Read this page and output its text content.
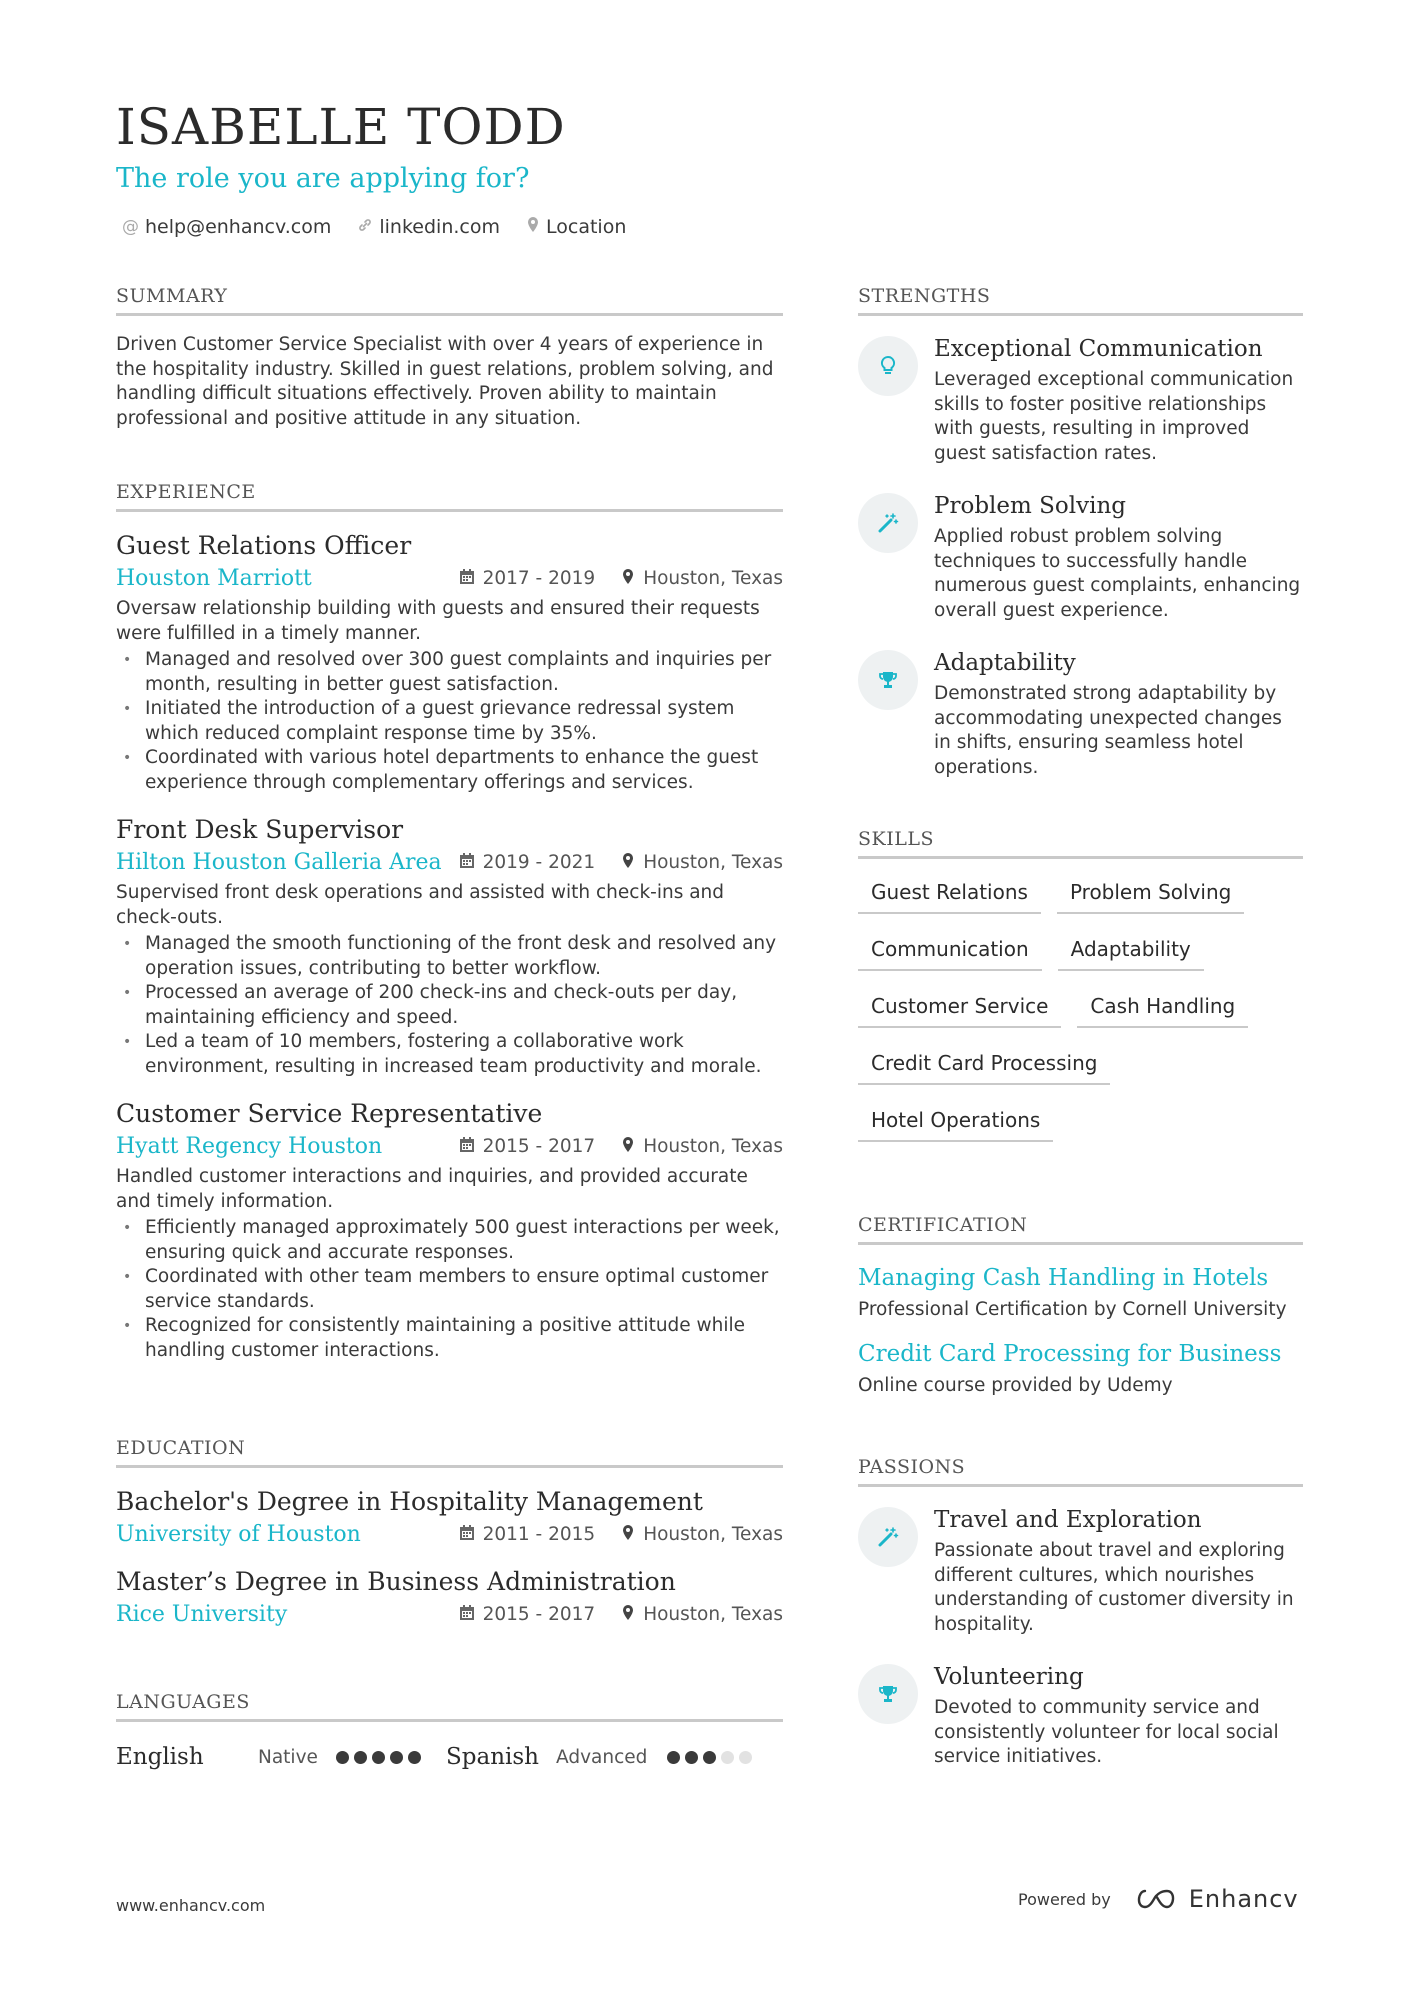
ISABELLE TODD
The role you are applying for?
@ help@enhancv.com	linkedin.com Location
SUMMARY

Driven Customer Service Specialist with over 4 years of experience in the hospitality industry. Skilled in guest relations, problem solving, and handling difficult situations effectively. Proven ability to maintain professional and positive attitude in any situation.

EXPERIENCE
Guest Relations Officer
Houston Marriott	2017 - 2019	Houston, Texas

Oversaw relationship building with guests and ensured their requests were fulfilled in a timely manner.

• Managed and resolved over 300 guest complaints and inquiries per month, resulting in better guest satisfaction.
• Initiated the introduction of a guest grievance redressal system which reduced complaint response time by 35%.
• Coordinated with various hotel departments to enhance the guest experience through complementary offerings and services.
Front Desk Supervisor
Hilton Houston Galleria Area 2019 - 2021	Houston, Texas

Supervised front desk operations and assisted with check-ins and check-outs.

• Managed the smooth functioning of the front desk and resolved any operation issues, contributing to better workflow.
• Processed an average of 200 check-ins and check-outs per day, maintaining efficiency and speed.
• Led a team of 10 members, fostering a collaborative work environment, resulting in increased team productivity and morale.
Customer Service Representative
Hyatt Regency Houston	2015 - 2017	Houston, Texas

Handled customer interactions and inquiries, and provided accurate and timely information.

• Efficiently managed approximately 500 guest interactions per week, ensuring quick and accurate responses.
• Coordinated with other team members to ensure optimal customer service standards.
• Recognized for consistently maintaining a positive attitude while handling customer interactions.
EDUCATION
Bachelor's Degree in Hospitality Management
University of Houston	2011 - 2015	Houston, Texas
Master’s Degree in Business Administration
Rice University	2015 - 2017	Houston, Texas
LANGUAGES
English	Native	Spanish Advanced
STRENGTHS
Exceptional Communication

Leveraged exceptional communication skills to foster positive relationships with guests, resulting in improved guest satisfaction rates.

Problem Solving

Applied robust problem solving techniques to successfully handle numerous guest complaints, enhancing overall guest experience.

Adaptability

Demonstrated strong adaptability by accommodating unexpected changes in shifts, ensuring seamless hotel operations.

SKILLS
Guest Relations	Problem Solving
Communication	Adaptability
Customer Service	Cash Handling
Credit Card Processing
Hotel Operations
CERTIFICATION
Managing Cash Handling in Hotels
Professional Certification by Cornell University
Credit Card Processing for Business
Online course provided by Udemy
PASSIONS
Travel and Exploration

Passionate about travel and exploring different cultures, which nourishes understanding of customer diversity in hospitality.

Volunteering

Devoted to community service and consistently volunteer for local social service initiatives.

www.enhancv.com	Powered by	Enhancv
